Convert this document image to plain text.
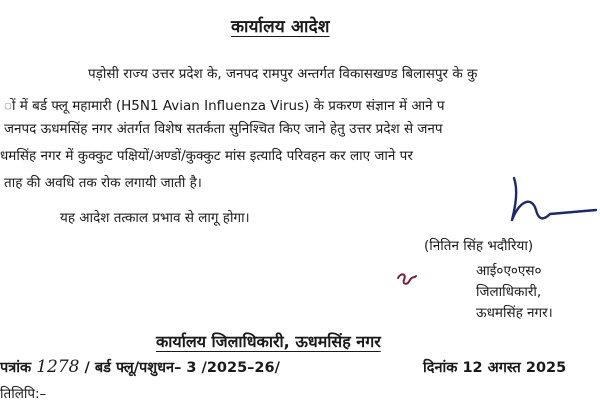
कार्यालय आदेश
पड़ोसी राज्य उत्तर प्रदेश के, जनपद रामपुर अन्तर्गत विकासखण्ड बिलासपुर के कु
ों में बर्ड फ्लू महामारी (H5N1 Avian Influenza Virus) के प्रकरण संज्ञान में आने प
जनपद ऊधमसिंह नगर अंतर्गत विशेष सतर्कता सुनिश्चित किए जाने हेतु उत्तर प्रदेश से जनप
धमसिंह नगर में कुक्कुट पक्षियों/अण्डों/कुक्कुट मांस इत्यादि परिवहन कर लाए जाने पर
ताह की अवधि तक रोक लगायी जाती है।
यह आदेश तत्काल प्रभाव से लागू होगा।
(नितिन सिंह भदौरिया)
आई०ए०एस०
जिलाधिकारी,
ऊधमसिंह नगर।
कार्यालय जिलाधिकारी, ऊधमसिंह नगर
पत्रांक 1278 / बर्ड फ्लू/पशुधन– 3 /2025–26/	दिनांक 12 अगस्त 2025
तिलिपि:–
